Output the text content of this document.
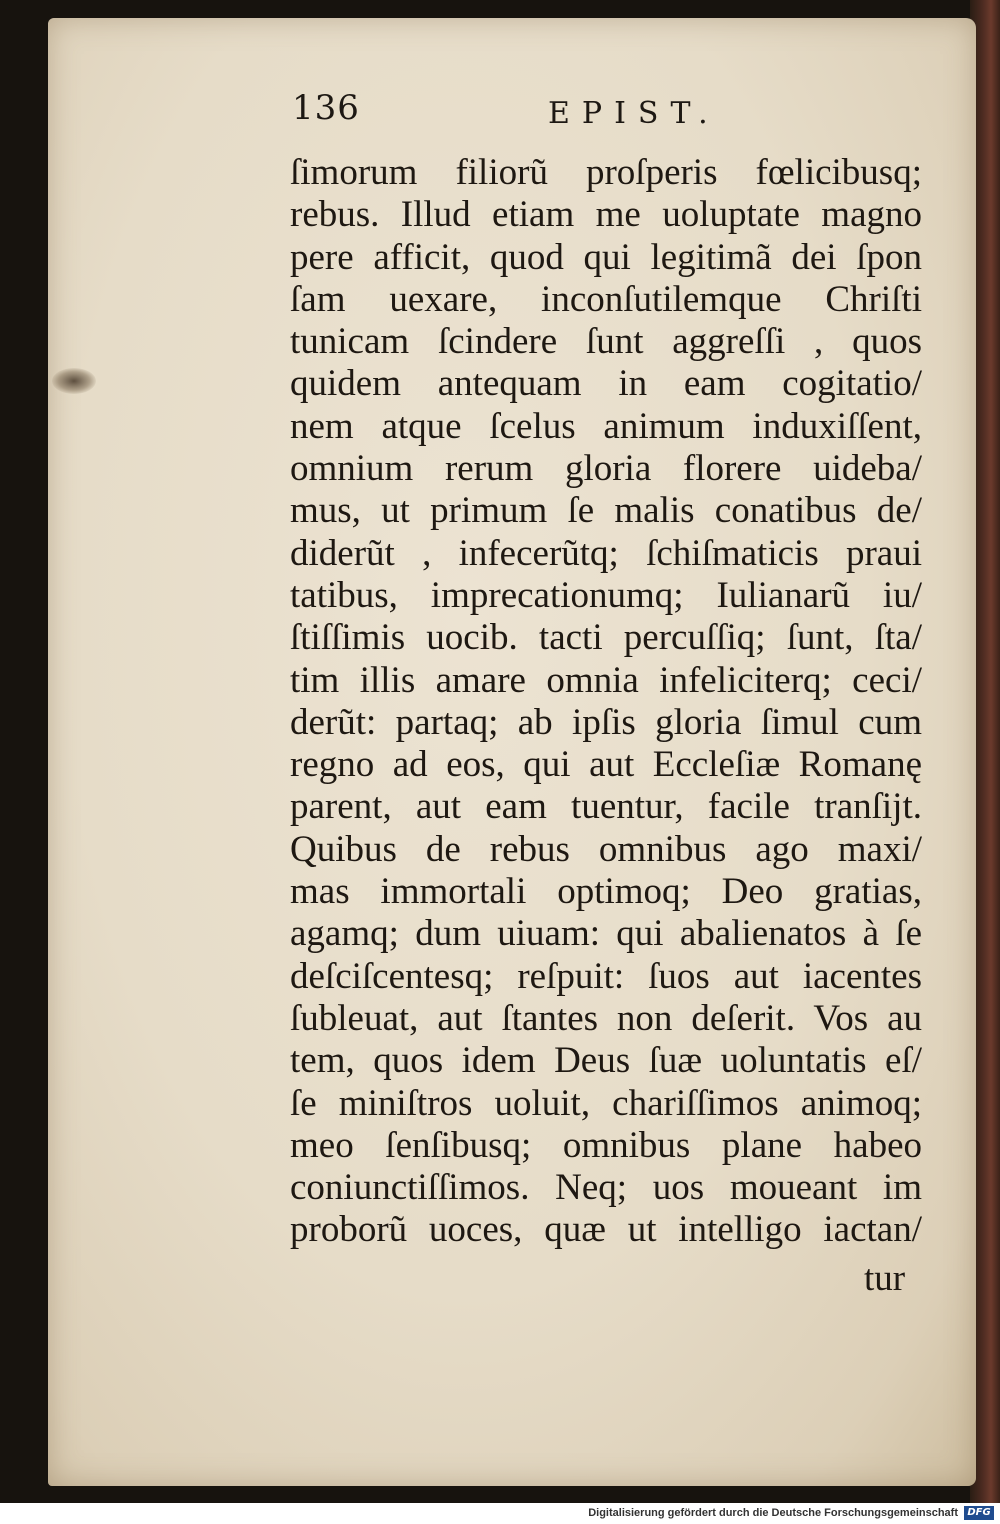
136	EPIST.
ſimorum filiorũ proſperis fœlicibusq;
rebus. Illud etiam me uoluptate magno
pere afficit, quod qui legitimã dei ſpon
ſam uexare, inconſutilemque Chriſti
tunicam ſcindere ſunt aggreſſi , quos
quidem antequam in eam cogitatio/
nem atque ſcelus animum induxiſſent,
omnium rerum gloria florere uideba/
mus, ut primum ſe malis conatibus de/
diderũt , infecerũtq; ſchiſmaticis praui
tatibus, imprecationumq; Iulianarũ iu/
ſtiſſimis uocib. tacti percuſſiq; ſunt, ſta/
tim illis amare omnia infeliciterq; ceci/
derũt: partaq; ab ipſis gloria ſimul cum
regno ad eos, qui aut Eccleſiæ Romanę
parent, aut eam tuentur, facile tranſijt.
Quibus de rebus omnibus ago maxi/
mas immortali optimoq; Deo gratias,
agamq; dum uiuam: qui abalienatos à ſe
deſciſcentesq; reſpuit: ſuos aut iacentes
ſubleuat, aut ſtantes non deſerit. Vos au
tem, quos idem Deus ſuæ uoluntatis eſ/
ſe miniſtros uoluit, chariſſimos animoq;
meo ſenſibusq; omnibus plane habeo
coniunctiſſimos. Neq; uos moueant im
proborũ uoces, quæ ut intelligo iactan/
tur
Digitalisierung gefördert durch die Deutsche Forschungsgemeinschaft DFG
